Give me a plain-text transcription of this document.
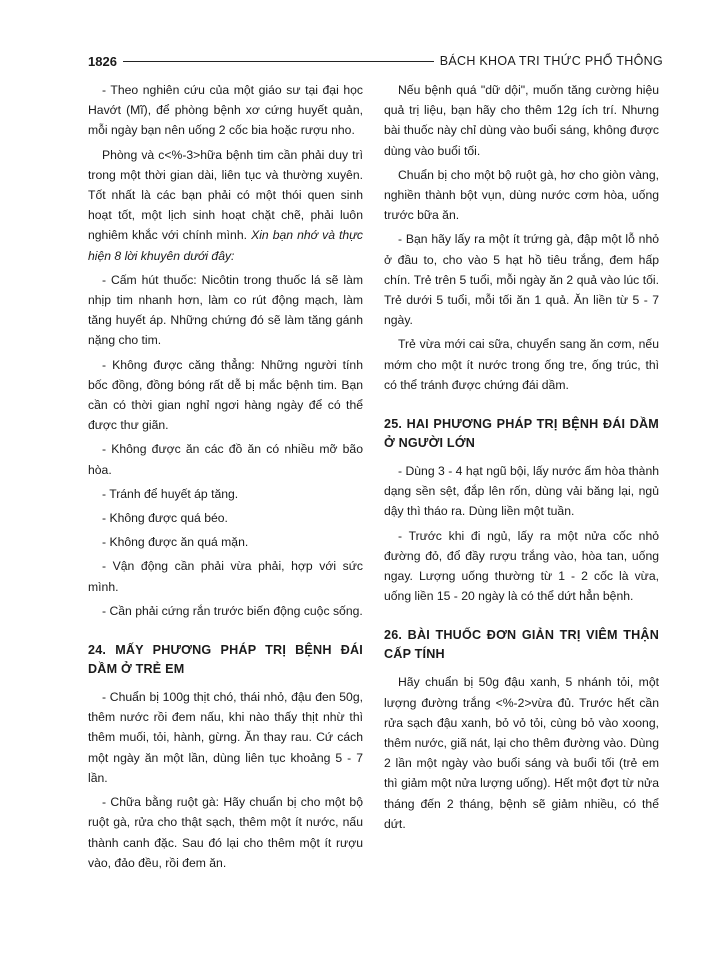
1826	BÁCH KHOA TRI THỨC PHỔ THÔNG

- Theo nghiên cứu của một giáo sư tại đại học Havớt (Mĩ), để phòng bệnh xơ cứng huyết quản, mỗi ngày bạn nên uống 2 cốc bia hoặc rượu nho.

Phòng và c<%-3>hữa bệnh tim cần phải duy trì trong một thời gian dài, liên tục và thường xuyên. Tốt nhất là các bạn phải có một thói quen sinh hoạt tốt, một lịch sinh hoạt chặt chẽ, phải luôn nghiêm khắc với chính mình. Xin bạn nhớ và thực hiện 8 lời khuyên dưới đây:

- Cấm hút thuốc: Nicôtin trong thuốc lá sẽ làm nhịp tim nhanh hơn, làm co rút động mạch, làm tăng huyết áp. Những chứng đó sẽ làm tăng gánh nặng cho tim.

- Không được căng thẳng: Những người tính bốc đồng, đồng bóng rất dễ bị mắc bệnh tim. Bạn cần có thời gian nghỉ ngơi hàng ngày để có thể được thư giãn.

- Không được ăn các đồ ăn có nhiều mỡ bão hòa.

- Tránh để huyết áp tăng.

- Không được quá béo.

- Không được ăn quá mặn.

- Vận động cần phải vừa phải, hợp với sức mình.

- Cần phải cứng rắn trước biến động cuộc sống.

24. MẤY PHƯƠNG PHÁP TRỊ BỆNH ĐÁI DẦM Ở TRẺ EM

- Chuẩn bị 100g thịt chó, thái nhỏ, đậu đen 50g, thêm nước rồi đem nấu, khi nào thấy thịt nhừ thì thêm muối, tỏi, hành, gừng. Ăn thay rau. Cứ cách một ngày ăn một lần, dùng liên tục khoảng 5 - 7 lần.

- Chữa bằng ruột gà: Hãy chuẩn bị cho một bộ ruột gà, rửa cho thật sạch, thêm một ít nước, nấu thành canh đặc. Sau đó lại cho thêm một ít rượu vào, đảo đều, rồi đem ăn.

Nếu bệnh quá "dữ dội", muốn tăng cường hiệu quả trị liệu, bạn hãy cho thêm 12g ích trí. Nhưng bài thuốc này chỉ dùng vào buổi sáng, không được dùng vào buổi tối.

Chuẩn bị cho một bộ ruột gà, hơ cho giòn vàng, nghiền thành bột vụn, dùng nước cơm hòa, uống trước bữa ăn.

- Bạn hãy lấy ra một ít trứng gà, đập một lỗ nhỏ ở đầu to, cho vào 5 hạt hồ tiêu trắng, đem hấp chín. Trẻ trên 5 tuổi, mỗi ngày ăn 2 quả vào lúc tối. Trẻ dưới 5 tuổi, mỗi tối ăn 1 quả. Ăn liền từ 5 - 7 ngày.

Trẻ vừa mới cai sữa, chuyển sang ăn cơm, nếu mớm cho một ít nước trong ống tre, ống trúc, thì có thể tránh được chứng đái dầm.

25. HAI PHƯƠNG PHÁP TRỊ BỆNH ĐÁI DẦM Ở NGƯỜI LỚN

- Dùng 3 - 4 hạt ngũ bội, lấy nước ấm hòa thành dạng sền sệt, đắp lên rốn, dùng vải băng lại, ngủ dậy thì tháo ra. Dùng liền một tuần.

- Trước khi đi ngủ, lấy ra một nửa cốc nhỏ đường đỏ, đổ đầy rượu trắng vào, hòa tan, uống ngay. Lượng uống thường từ 1 - 2 cốc là vừa, uống liền 15 - 20 ngày là có thể dứt hẳn bệnh.

26. BÀI THUỐC ĐƠN GIẢN TRỊ VIÊM THẬN CẤP TÍNH

Hãy chuẩn bị 50g đậu xanh, 5 nhánh tỏi, một lượng đường trắng <%-2>vừa đủ. Trước hết cần rửa sạch đậu xanh, bỏ vỏ tỏi, cùng bỏ vào xoong, thêm nước, giã nát, lại cho thêm đường vào. Dùng 2 lần một ngày vào buổi sáng và buổi tối (trẻ em thì giảm một nửa lượng uống). Hết một đợt từ nửa tháng đến 2 tháng, bệnh sẽ giảm nhiều, có thể dứt.
